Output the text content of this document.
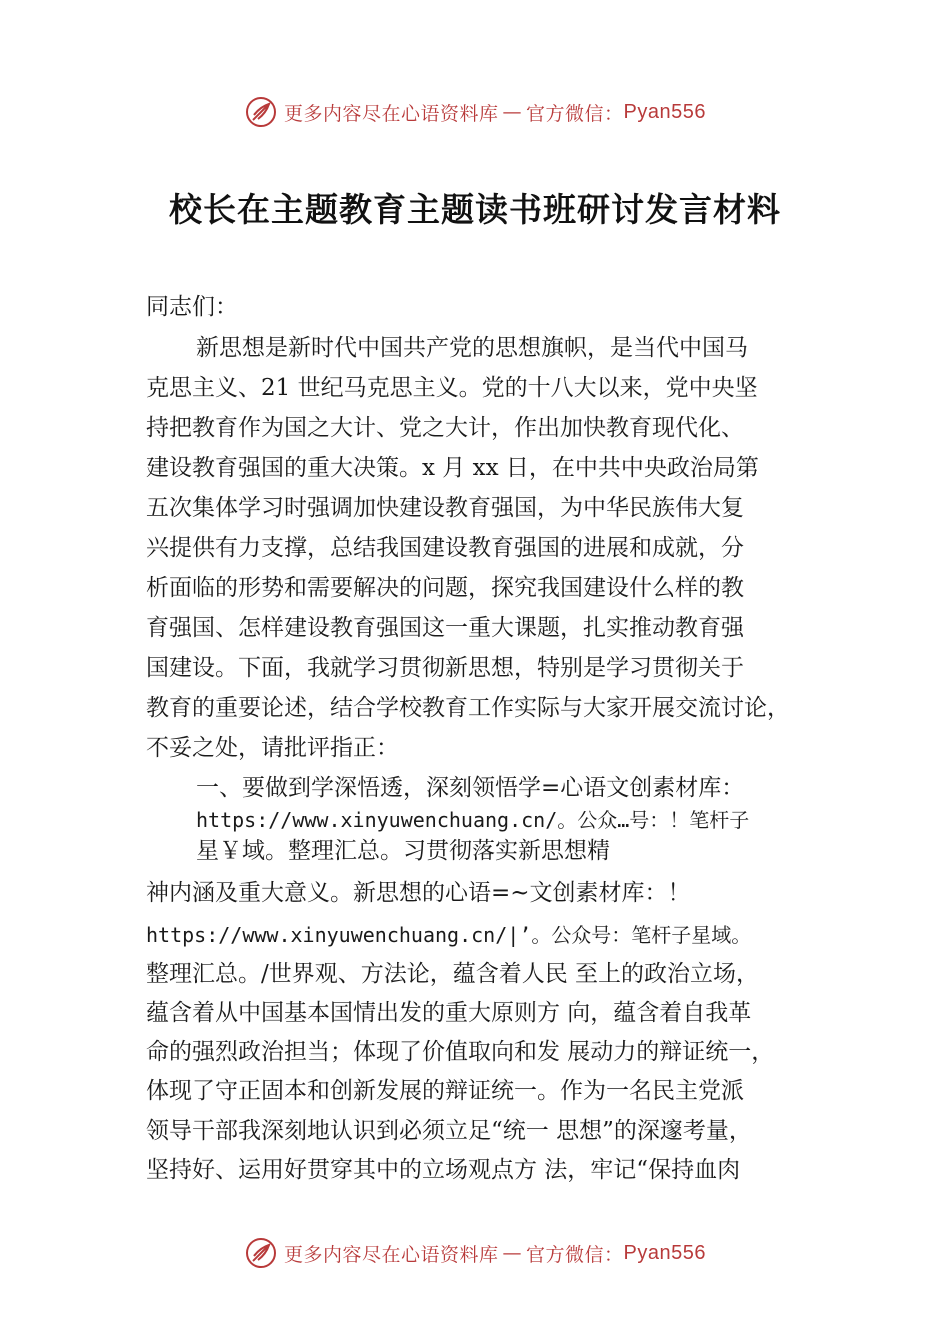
更多内容尽在心语资料库 — 官方微信： Pyan556
校长在主题教育主题读书班研讨发言材料
同志们：
新思想是新时代中国共产党的思想旗帜，是当代中国马
克思主义、21 世纪马克思主义。党的十八大以来，党中央坚
持把教育作为国之大计、党之大计，作出加快教育现代化、
建设教育强国的重大决策。x 月 xx 日，在中共中央政治局第
五次集体学习时强调加快建设教育强国，为中华民族伟大复
兴提供有力支撑，总结我国建设教育强国的进展和成就，分
析面临的形势和需要解决的问题，探究我国建设什么样的教
育强国、怎样建设教育强国这一重大课题，扎实推动教育强
国建设。下面，我就学习贯彻新思想，特别是学习贯彻关于
教育的重要论述，结合学校教育工作实际与大家开展交流讨论，
不妥之处，请批评指正：
一、要做到学深悟透，深刻领悟学=心语文创素材库：
https://www.xinyuwenchuang.cn/。公众…号：！笔杆子
星￥域。整理汇总。习贯彻落实新思想精
神内涵及重大意义。新思想的心语=~文创素材库：！
https://www.xinyuwenchuang.cn/|’。公众号：笔杆子星域。
整理汇总。/世界观、方法论，蕴含着人民 至上的政治立场，
蕴含着从中国基本国情出发的重大原则方 向，蕴含着自我革
命的强烈政治担当；体现了价值取向和发 展动力的辩证统一，
体现了守正固本和创新发展的辩证统一。作为一名民主党派
领导干部我深刻地认识到必须立足“统一 思想”的深邃考量，
坚持好、运用好贯穿其中的立场观点方 法，牢记“保持血肉
更多内容尽在心语资料库 — 官方微信： Pyan556
